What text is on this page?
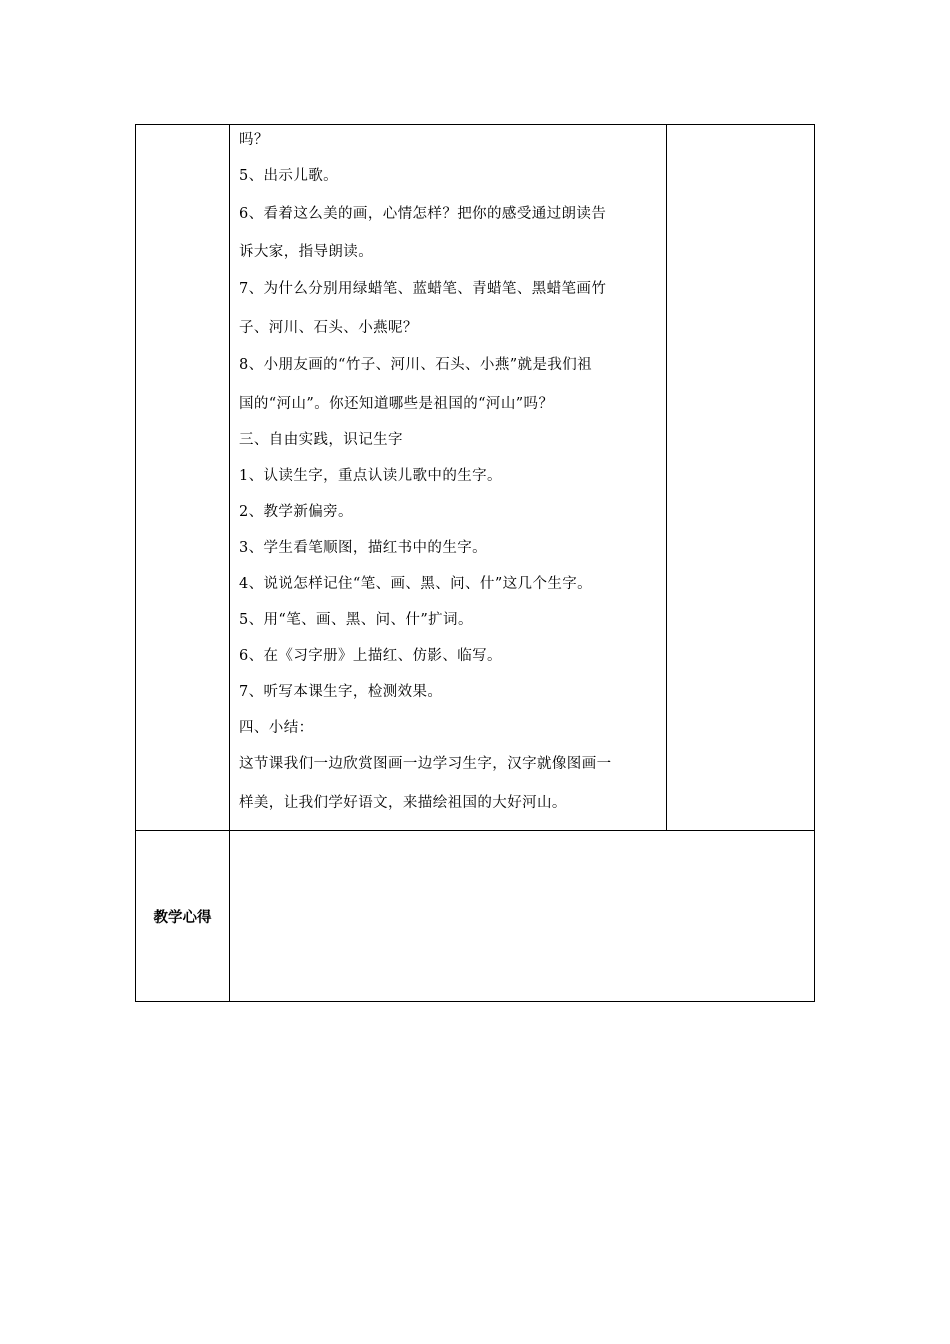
吗？
5、出示儿歌。
6、看着这么美的画，心情怎样？把你的感受通过朗读告
诉大家，指导朗读。
7、为什么分别用绿蜡笔、蓝蜡笔、青蜡笔、黑蜡笔画竹
子、河川、石头、小燕呢？
8、小朋友画的“竹子、河川、石头、小燕”就是我们祖
国的“河山”。你还知道哪些是祖国的“河山”吗？
三、自由实践，识记生字
1、认读生字，重点认读儿歌中的生字。
2、教学新偏旁。
3、学生看笔顺图，描红书中的生字。
4、说说怎样记住“笔、画、黑、问、什”这几个生字。
5、用“笔、画、黑、问、什”扩词。
6、在《习字册》上描红、仿影、临写。
7、听写本课生字，检测效果。
四、小结：
这节课我们一边欣赏图画一边学习生字，汉字就像图画一
样美，让我们学好语文，来描绘祖国的大好河山。
教学心得
